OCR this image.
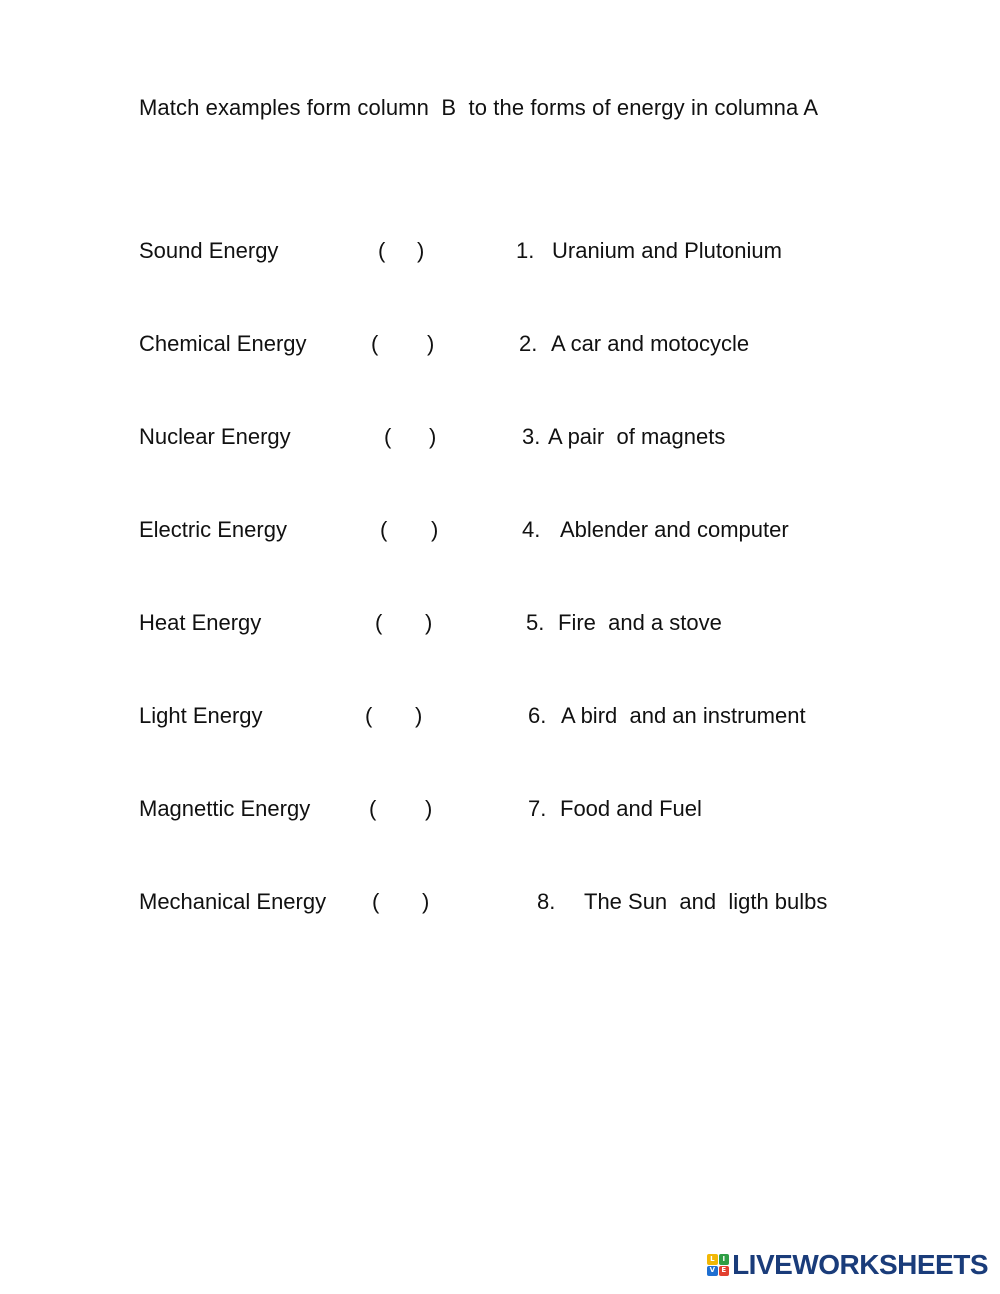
Match examples form column  B  to the forms of energy in columna A
Sound Energy	( )	1. Uranium and Plutonium
Chemical Energy	( )	2. A car and motocycle
Nuclear Energy	( )	3. A pair  of magnets
Electric Energy	( )	4. Ablender and computer
Heat Energy	( )	5. Fire  and a stove
Light Energy	( )	6. A bird  and an instrument
Magnettic Energy	( )	7. Food and Fuel
Mechanical Energy ( )	8. The Sun  and  ligth bulbs
L	I
V E LIVEWORKSHEETS
